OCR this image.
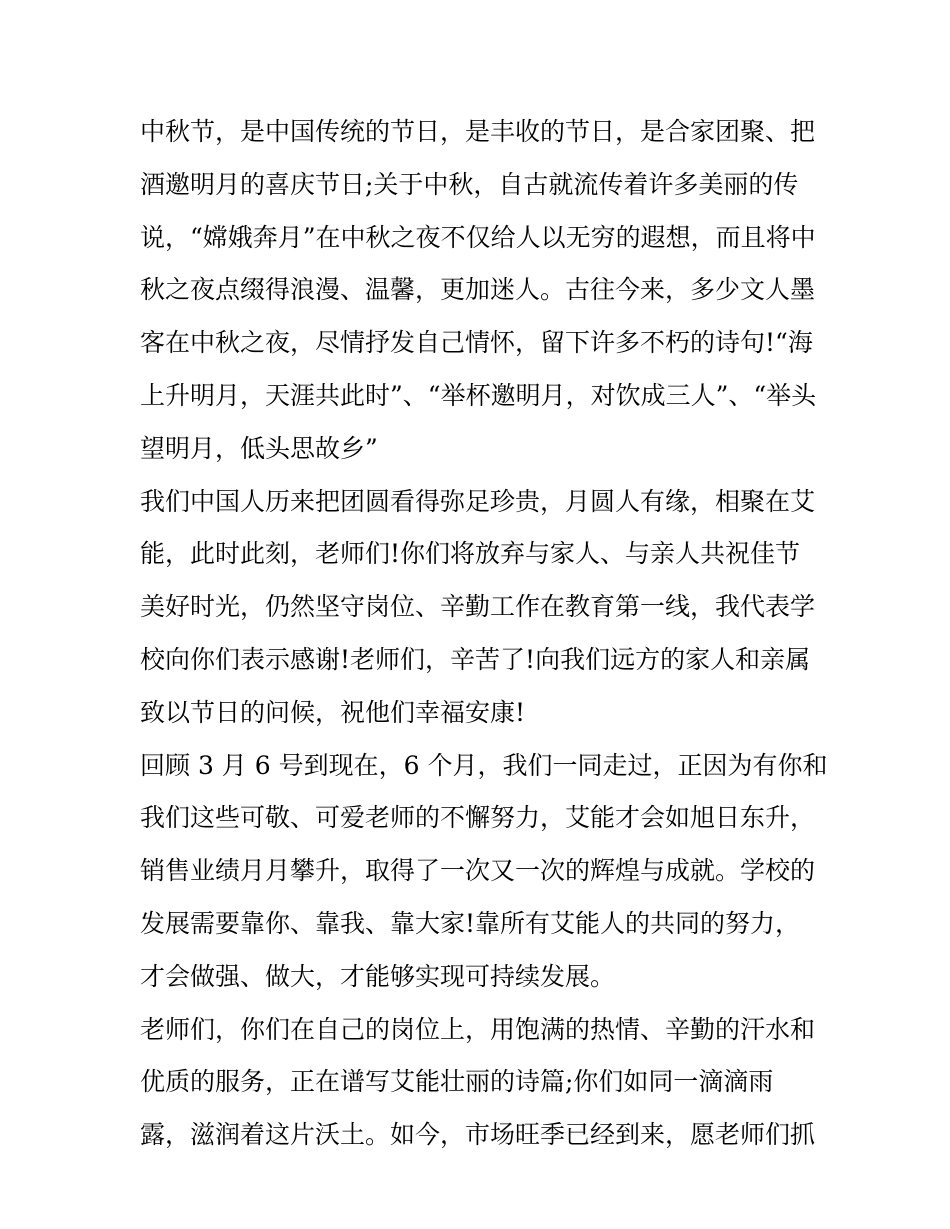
中秋节，是中国传统的节日，是丰收的节日，是合家团聚、把
酒邀明月的喜庆节日;关于中秋，自古就流传着许多美丽的传
说，“嫦娥奔月”在中秋之夜不仅给人以无穷的遐想，而且将中
秋之夜点缀得浪漫、温馨，更加迷人。古往今来，多少文人墨
客在中秋之夜，尽情抒发自己情怀，留下许多不朽的诗句!“海
上升明月，天涯共此时”、“举杯邀明月，对饮成三人”、“举头
望明月，低头思故乡”
我们中国人历来把团圆看得弥足珍贵，月圆人有缘，相聚在艾
能，此时此刻，老师们!你们将放弃与家人、与亲人共祝佳节
美好时光，仍然坚守岗位、辛勤工作在教育第一线，我代表学
校向你们表示感谢!老师们，辛苦了!向我们远方的家人和亲属
致以节日的问候，祝他们幸福安康!
回顾 3 月 6 号到现在，6 个月，我们一同走过，正因为有你和
我们这些可敬、可爱老师的不懈努力，艾能才会如旭日东升，
销售业绩月月攀升，取得了一次又一次的辉煌与成就。学校的
发展需要靠你、靠我、靠大家!靠所有艾能人的共同的努力，
才会做强、做大，才能够实现可持续发展。
老师们，你们在自己的岗位上，用饱满的热情、辛勤的汗水和
优质的服务，正在谱写艾能壮丽的诗篇;你们如同一滴滴雨
露，滋润着这片沃土。如今，市场旺季已经到来，愿老师们抓
